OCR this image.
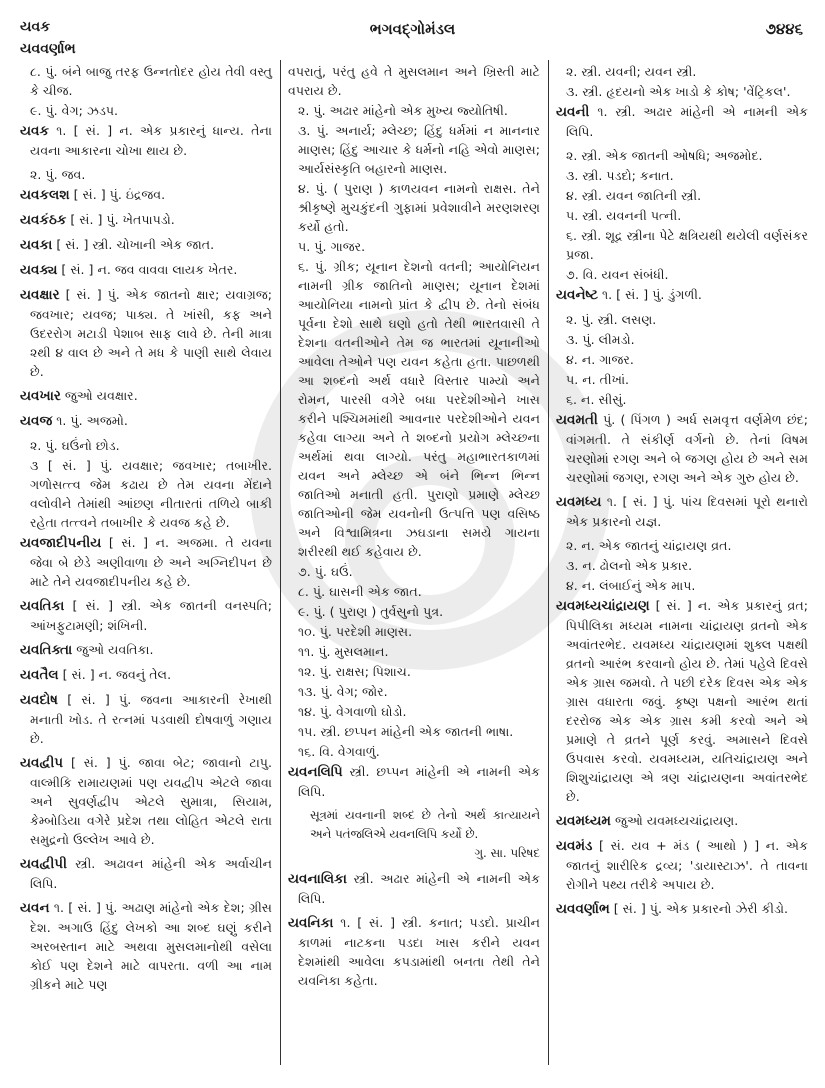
યવક
યવવર્ણાભ
ભગવદ્ગોમંડલ	૭૪૪૬
૮. પું. બંને બાજુ તરફ ઉન્નતોદર હોય તેવી વસ્તુ કે ચીજ.
૯. પું. વેગ; ઝડપ.
યવક ૧. [ સં. ] ન. એક પ્રકારનું ધાન્ય. તેના યવના આકારના ચોખા થાય છે.
૨. પું. જવ.
યવકલશ [ સં. ] પું. ઇંદ્રજવ.
યવકંઠક [ સં. ] પું. ખેતપાપડો.
યવકા [ સં. ] સ્ત્રી. ચોખાની એક જાત.
યવક્ય [ સં. ] ન. જવ વાવવા લાયક ખેતર.
યવક્ષાર [ સં. ] પું. એક જાતનો ક્ષાર; યવાગ્રજ; જવખાર; યવજ; પાક્ય. તે ખાંસી, કફ અને ઉદરરોગ મટાડી પેશાબ સાફ લાવે છે. તેની માત્રા ૨થી ૪ વાલ છે અને તે મધ કે પાણી સાથે લેવાય છે.
યવખાર જુઓ યવક્ષાર.
યવજ ૧. પું. અજમો.
૨. પું. ઘઉંનો છોડ.
૩ [ સં. ] પું. યવક્ષાર; જવખાર; તબાખીર. ગળોસત્ત્વ જેમ કઢાય છે તેમ યવના મેંદાને વલોવીને તેમાંથી આંછણ નીતારતાં તળિયે બાકી રહેતા તત્ત્વને તબાખીર કે યવજ કહે છે.
યવજાદીપનીય [ સં. ] ન. અજમા. તે યવના જેવા બે છેડે અણીવાળા છે અને અગ્નિદીપન છે માટે તેને યવજાદીપનીય કહે છે.
યવતિકા [ સં. ] સ્ત્રી. એક જાતની વનસ્પતિ; આંખફુટામણી; શંખિની.
યવતિક્તા જુઓ યવતિકા.
યવતૈલ [ સં. ] ન. જવનું તેલ.
યવદોષ [ સં. ] પું. જવના આકારની રેખાથી મનાતી ખોડ. તે રત્નમાં પડવાથી દોષવાળું ગણાય છે.
યવદ્વીપ [ સં. ] પું. જાવા બેટ; જાવાનો ટાપુ. વાલ્મીકિ રામાયણમાં પણ યવદ્વીપ એટલે જાવા અને સુવર્ણદ્વીપ એટલે સુમાત્રા, સિયામ, કેમ્બોડિયા વગેરે પ્રદેશ તથા લોહિત એટલે રાતા સમુદ્રનો ઉલ્લેખ આવે છે.
યવદ્વીપી સ્ત્રી. અઢાવન માંહેની એક અર્વાચીન લિપિ.
યવન ૧. [ સં. ] પું. અઢાણ માંહેનો એક દેશ; ગ્રીસ દેશ. અગાઉ હિંદુ લેખકો આ શબ્દ ઘણું કરીને અરબસ્તાન માટે અથવા મુસલમાનોથી વસેલા કોઈ પણ દેશને માટે વાપરતા. વળી આ નામ ગ્રીકને માટે પણ
વપરાતું, પરંતુ હવે તે મુસલમાન અને ખ્રિસ્તી માટે વપરાય છે.
૨. પું. અઢાર માંહેનો એક મુખ્ય જ્યોતિષી.
૩. પું. અનાર્ય; મ્લેચ્છ; હિંદુ ધર્મમાં ન માનનાર માણસ; હિંદુ આચાર કે ધર્મનો નહિ એવો માણસ; આર્યસંસ્કૃતિ બહારનો માણસ.
૪. પું. ( પુરાણ ) કાળયવન નામનો રાક્ષસ. તેને શ્રીકૃષ્ણે મુચકુંદની ગુફામાં પ્રવેશાવીને મરણશરણ કર્યો હતો.
૫. પું. ગાજર.
૬. પું. ગ્રીક; યૂનાન દેશનો વતની; આયોનિયન નામની ગ્રીક જાતિનો માણસ; યૂનાન દેશમાં આયોનિયા નામનો પ્રાંત કે દ્વીપ છે. તેનો સંબંધ પૂર્વના દેશો સાથે ઘણો હતો તેથી ભારતવાસી તે દેશના વતનીઓને તેમ જ ભારતમાં યૂનાનીઓ આવેલા તેઓને પણ યવન કહેતા હતા. પાછળથી આ શબ્દનો અર્થ વધારે વિસ્તાર પામ્યો અને રોમન, પારસી વગેરે બધા પરદેશીઓને ખાસ કરીને પશ્ચિમમાંથી આવનાર પરદેશીઓને યવન કહેવા લાગ્યા અને તે શબ્દનો પ્રયોગ મ્લેચ્છના અર્થમાં થવા લાગ્યો. પરંતુ મહાભારતકાળમાં યવન અને મ્લેચ્છ એ બંને ભિન્ન ભિન્ન જાતિઓ મનાતી હતી. પુરાણો પ્રમાણે મ્લેચ્છ જાતિઓની જેમ યવનોની ઉત્પત્તિ પણ વસિષ્ઠ અને વિશ્વામિત્રના ઝઘડાના સમયે ગાયના શરીરથી થઈ કહેવાય છે.
૭. પું. ઘઉં.
૮. પું. ઘાસની એક જાત.
૯. પું. ( પુરાણ ) તુર્વસુનો પુત્ર.
૧૦. પું. પરદેશી માણસ.
૧૧. પું. મુસલમાન.
૧૨. પું. રાક્ષસ; પિશાચ.
૧૩. પું. વેગ; જોર.
૧૪. પું. વેગવાળો ઘોડો.
૧૫. સ્ત્રી. છપ્પન માંહેની એક જાતની ભાષા.
૧૬. વિ. વેગવાળું.
યવનલિપિ સ્ત્રી. છપ્પન માંહેની એ નામની એક લિપિ.
સૂત્રમાં યવનાની શબ્દ છે તેનો અર્થ કાત્યાયને અને પતંજલિએ યવનલિપિ કર્યો છે.
ગુ. સા. પરિષદ
યવનાલિકા સ્ત્રી. અઢાર માંહેની એ નામની એક લિપિ.
યવનિકા ૧. [ સં. ] સ્ત્રી. કનાત; પડદો. પ્રાચીન કાળમાં નાટકના પડદા ખાસ કરીને યવન દેશમાંથી આવેલા કપડામાંથી બનતા તેથી તેને યવનિકા કહેતા.
૨. સ્ત્રી. યવની; યવન સ્ત્રી.
૩. સ્ત્રી. હૃદયનો એક ખાડો કે કોષ; 'વેંટ્રિકલ'.
યવની ૧. સ્ત્રી. અઢાર માંહેની એ નામની એક લિપિ.
૨. સ્ત્રી. એક જાતની ઓષધિ; અજમોદ.
૩. સ્ત્રી. પડદો; કનાત.
૪. સ્ત્રી. યવન જાતિની સ્ત્રી.
૫. સ્ત્રી. યવનની પત્ની.
૬. સ્ત્રી. શૂદ્ર સ્ત્રીના પેટે ક્ષત્રિયથી થયેલી વર્ણસંકર પ્રજા.
૭. વિ. યવન સંબંધી.
યવનેષ્ટ ૧. [ સં. ] પું. ડુંગળી.
૨. પું. સ્ત્રી. લસણ.
૩. પું. લીમડો.
૪. ન. ગાજર.
૫. ન. તીખાં.
૬. ન. સીસું.
યવમતી પું. ( પિંગળ ) અર્ધ સમવૃત્ત વર્ણમેળ છંદ; વાંગમતી. તે સંકીર્ણ વર્ગનો છે. તેનાં વિષમ ચરણોમાં રગણ અને બે જગણ હોય છે અને સમ ચરણોમાં જગણ, રગણ અને એક ગુરુ હોય છે.
યવમધ્ય ૧. [ સં. ] પું. પાંચ દિવસમાં પૂરો થનારો એક પ્રકારનો યજ્ઞ.
૨. ન. એક જાતનું ચાંદ્રાયણ વ્રત.
૩. ન. ઢોલનો એક પ્રકાર.
૪. ન. લંબાઈનું એક માપ.
યવમધ્યચાંદ્રાયણ [ સં. ] ન. એક પ્રકારનું વ્રત; પિપીલિકા મધ્યમ નામના ચાંદ્રાયણ વ્રતનો એક અવાંતરભેદ. યવમધ્ય ચાંદ્રાયણમાં શુક્લ પક્ષથી વ્રતનો આરંભ કરવાનો હોય છે. તેમાં પહેલે દિવસે એક ગ્રાસ જમવો. તે પછી દરેક દિવસ એક એક ગ્રાસ વધારતા જવું. કૃષ્ણ પક્ષનો આરંભ થતાં દરરોજ એક એક ગ્રાસ કમી કરવો અને એ પ્રમાણે તે વ્રતને પૂર્ણ કરવું. અમાસને દિવસે ઉપવાસ કરવો. યવમધ્યમ, યતિચાંદ્રાયણ અને શિશુચાંદ્રાયણ એ ત્રણ ચાંદ્રાયણના અવાંતરભેદ છે.
યવમધ્યમ જુઓ યવમધ્યચાંદ્રાયણ.
યવમંડ [ સં. યવ + મંડ ( આથો ) ] ન. એક જાતનું શારીરિક દ્રવ્ય; 'ડાયાસ્ટાઝ'. તે તાવના રોગીને પથ્ય તરીકે અપાય છે.
યવવર્ણાભ [ સં. ] પું. એક પ્રકારનો ઝેરી કીડો.
